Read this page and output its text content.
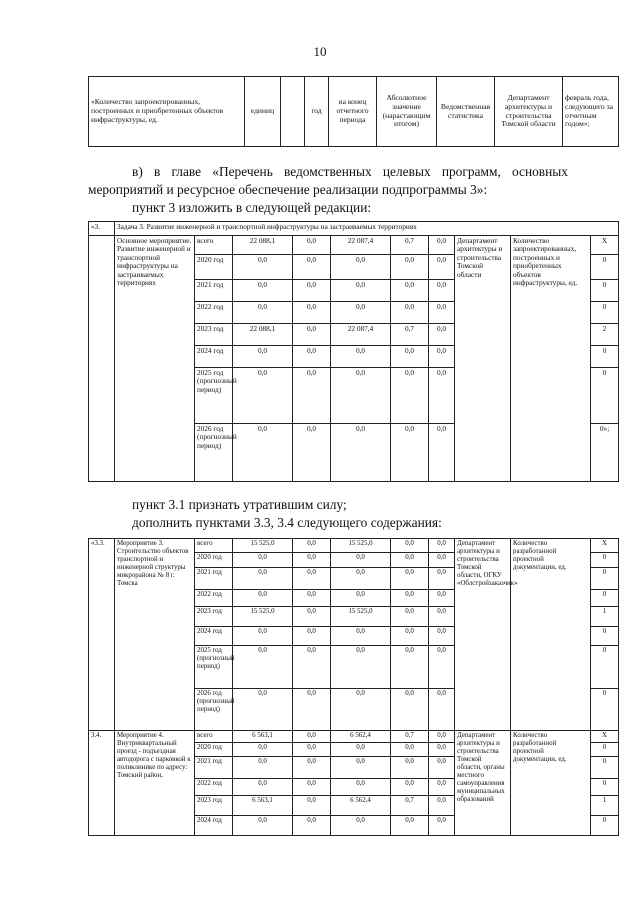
10
«Количество запроектированных, построенных и приобретенных объектов инфраструктуры, ед.	единиц		год	на конец отчетного периода	Абсолютное значение (нарастающим итогом)	Ведомственная статистика	Департамент архитектуры и строительства Томской области	февраль года, следующего за отчетным годом»;
в) в главе «Перечень ведомственных целевых программ, основных
мероприятий и ресурсное обеспечение реализации подпрограммы 3»:
пункт 3 изложить в следующей редакции:
«3.	Задача 3. Развитие инженерной и транспортной инфраструктуры на застраиваемых территориях									
	Основное мероприятие. Развитие инженерной и транспортной инфраструктуры на застраиваемых территориях	всего	22 088,1	0,0	22 087,4	0,7	0,0	Департамент архитектуры и строительства Томской области	Количество запроектированных, построенных и приобретенных объектов инфраструктуры, ед.	X
		2020 год	0,0	0,0	0,0	0,0	0,0			0
		2021 год	0,0	0,0	0,0	0,0	0,0			0
		2022 год	0,0	0,0	0,0	0,0	0,0			0
		2023 год	22 088,1	0,0	22 087,4	0,7	0,0			2
		2024 год	0,0	0,0	0,0	0,0	0,0			0
		2025 год (прогнозный период)	0,0	0,0	0,0	0,0	0,0			0
		2026 год (прогнозный период)	0,0	0,0	0,0	0,0	0,0			0»;
пункт 3.1 признать утратившим силу;
дополнить пунктами 3.3, 3.4 следующего содержания:
«3.3.	Мероприятие 3. Строительство объектов транспортной и инженерной структуры микрорайона № 8 г. Томска	всего	15 525,0	0,0	15 525,0	0,0	0,0	Департамент архитектуры и строительства Томской области, ОГКУ «Облстройзаказчик»	Количество разработанной проектной документации, ед.	X
		2020 год	0,0	0,0	0,0	0,0	0,0			0
		2021 год	0,0	0,0	0,0	0,0	0,0			0
		2022 год	0,0	0,0	0,0	0,0	0,0			0
		2023 год	15 525,0	0,0	15 525,0	0,0	0,0			1
		2024 год	0,0	0,0	0,0	0,0	0,0			0
		2025 год (прогнозный период)	0,0	0,0	0,0	0,0	0,0			0
		2026 год (прогнозный период)	0,0	0,0	0,0	0,0	0,0			0
3.4.	Мероприятие 4. Внутриквартальный проезд - подъездная автодорога с парковкой к поликлинике по адресу: Томский район,	всего	6 563,1	0,0	6 562,4	0,7	0,0	Департамент архитектуры и строительства Томской области, органы местного самоуправления муниципальных образований	Количество разработанной проектной документации, ед.	X
		2020 год	0,0	0,0	0,0	0,0	0,0			0
		2021 год	0,0	0,0	0,0	0,0	0,0			0
		2022 год	0,0	0,0	0,0	0,0	0,0			0
		2023 год	6 563,1	0,0	6 562,4	0,7	0,0			1
		2024 год	0,0	0,0	0,0	0,0	0,0			0
